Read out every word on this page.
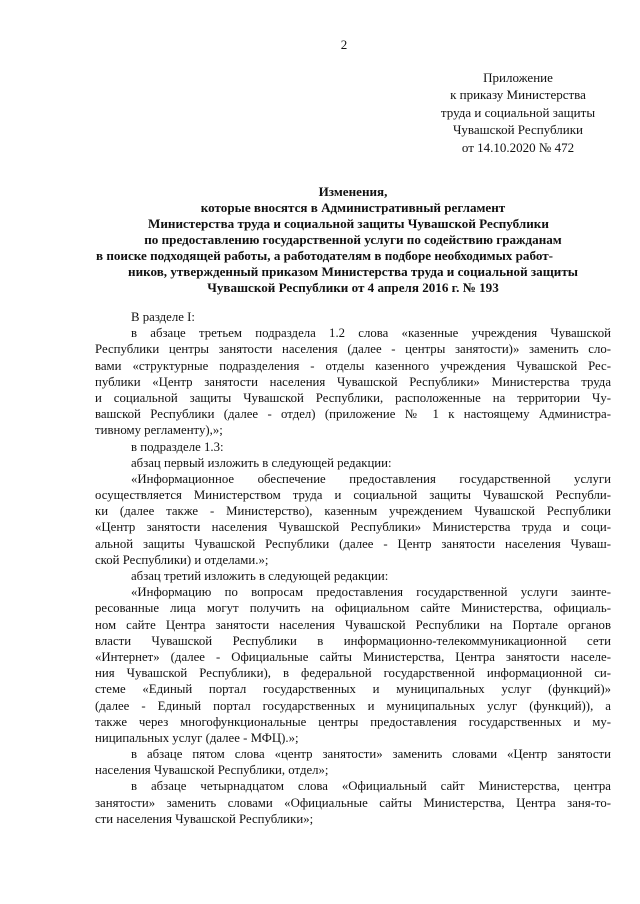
2
Приложение
к приказу Министерства
труда и социальной защиты
Чувашской Республики
от 14.10.2020 № 472
Изменения,
которые вносятся в Административный регламент
Министерства труда и социальной защиты Чувашской Республики
по предоставлению государственной услуги по содействию гражданам
в поиске подходящей работы, а работодателям в подборе необходимых работ-
ников, утвержденный приказом Министерства труда и социальной защиты
Чувашской Республики от 4 апреля 2016 г. № 193
В разделе I:
в абзаце третьем подраздела 1.2 слова «казенные учреждения Чувашской
Республики центры занятости населения (далее - центры занятости)» заменить сло-
вами «структурные подразделения - отделы казенного учреждения Чувашской Рес-
публики «Центр занятости населения Чувашской Республики» Министерства труда
и социальной защиты Чувашской Республики, расположенные на территории Чу-
вашской Республики (далее - отдел) (приложение № 1 к настоящему Администра-
тивному регламенту),»;
в подразделе 1.3:
абзац первый изложить в следующей редакции:
«Информационное обеспечение предоставления государственной услуги
осуществляется Министерством труда и социальной защиты Чувашской Республи-
ки (далее также - Министерство), казенным учреждением Чувашской Республики
«Центр занятости населения Чувашской Республики» Министерства труда и соци-
альной защиты Чувашской Республики (далее - Центр занятости населения Чуваш-
ской Республики) и отделами.»;
абзац третий изложить в следующей редакции:
«Информацию по вопросам предоставления государственной услуги заинте-
ресованные лица могут получить на официальном сайте Министерства, официаль-
ном сайте Центра занятости населения Чувашской Республики на Портале органов
власти Чувашской Республики в информационно-телекоммуникационной сети
«Интернет» (далее - Официальные сайты Министерства, Центра занятости населе-
ния Чувашской Республики), в федеральной государственной информационной си-
стеме «Единый портал государственных и муниципальных услуг (функций)»
(далее - Единый портал государственных и муниципальных услуг (функций)), а
также через многофункциональные центры предоставления государственных и му-
ниципальных услуг (далее - МФЦ).»;
в абзаце пятом слова «центр занятости» заменить словами «Центр занятости
населения Чувашской Республики, отдел»;
в абзаце четырнадцатом слова «Официальный сайт Министерства, центра
занятости» заменить словами «Официальные сайты Министерства, Центра заня-то-
сти населения Чувашской Республики»;
